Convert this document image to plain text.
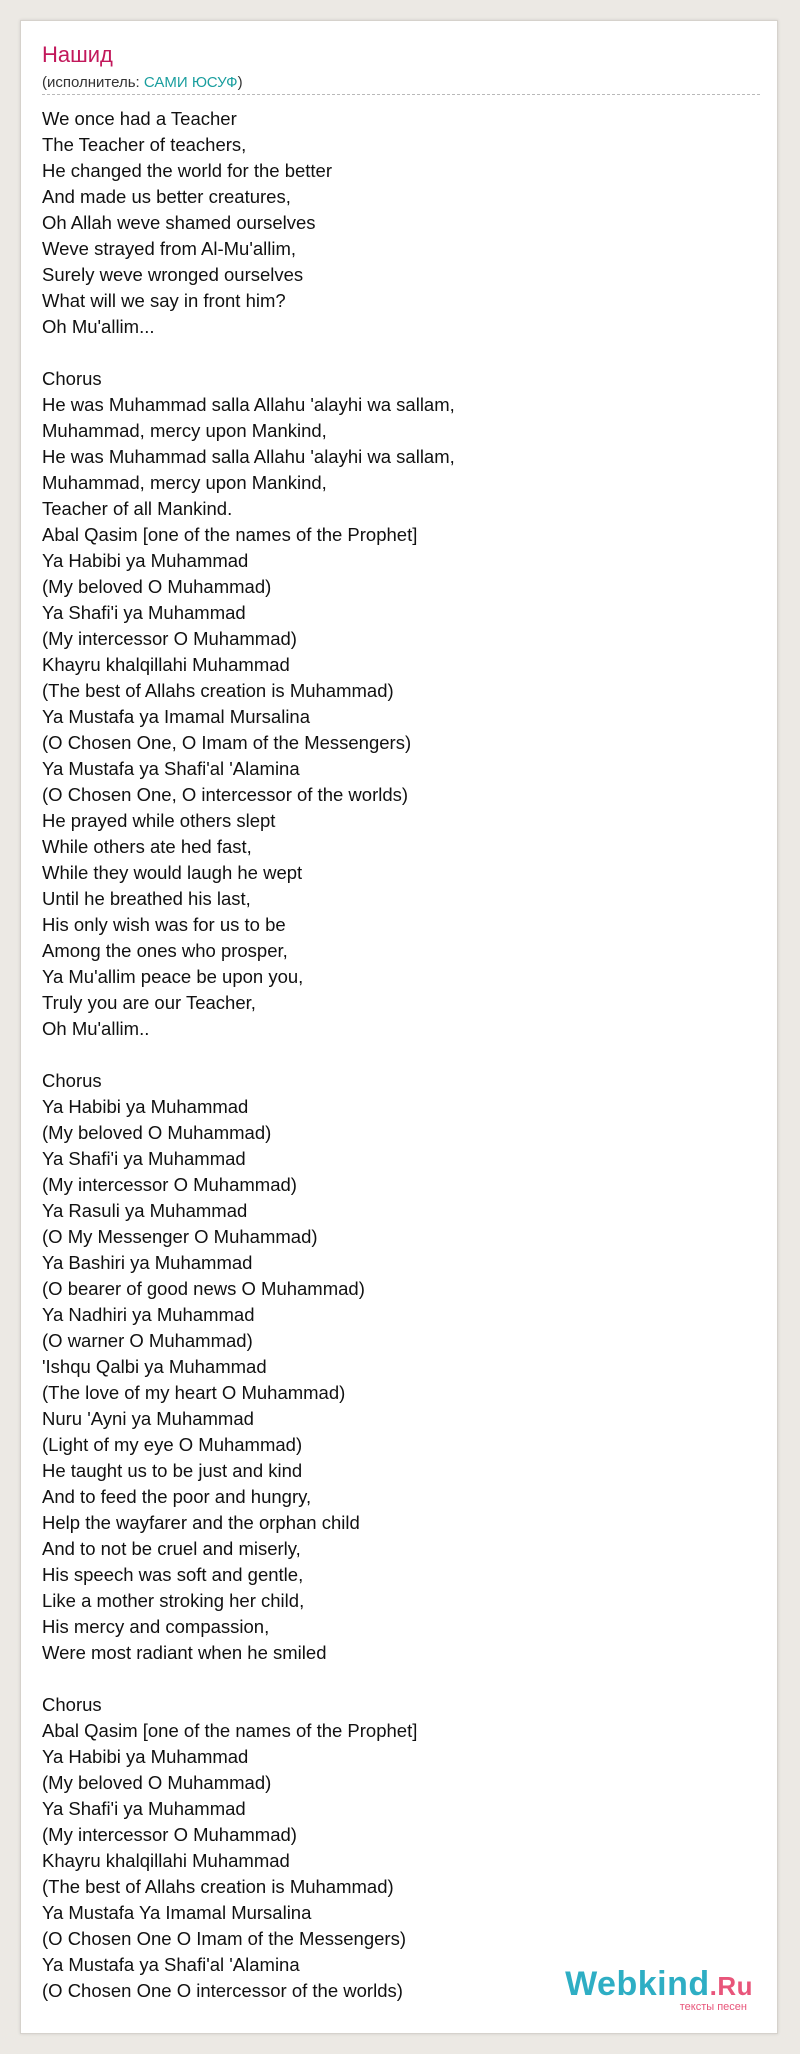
Нашид
(исполнитель: САМИ ЮСУФ)
We once had a Teacher
The Teacher of teachers,
He changed the world for the better
And made us better creatures,
Oh Allah weve shamed ourselves
Weve strayed from Al-Mu'allim,
Surely weve wronged ourselves
What will we say in front him?
Oh Mu'allim...

Chorus
He was Muhammad salla Allahu 'alayhi wa sallam,
Muhammad, mercy upon Mankind,
He was Muhammad salla Allahu 'alayhi wa sallam,
Muhammad, mercy upon Mankind,
Teacher of all Mankind.
Abal Qasim [one of the names of the Prophet]
Ya Habibi ya Muhammad
(My beloved O Muhammad)
Ya Shafi'i ya Muhammad
(My intercessor O Muhammad)
Khayru khalqillahi Muhammad
(The best of Allahs creation is Muhammad)
Ya Mustafa ya Imamal Mursalina
(O Chosen One, O Imam of the Messengers)
Ya Mustafa ya Shafi'al 'Alamina
(O Chosen One, O intercessor of the worlds)
He prayed while others slept
While others ate hed fast,
While they would laugh he wept
Until he breathed his last,
His only wish was for us to be
Among the ones who prosper,
Ya Mu'allim peace be upon you,
Truly you are our Teacher,
Oh Mu'allim..

Chorus
Ya Habibi ya Muhammad
(My beloved O Muhammad)
Ya Shafi'i ya Muhammad
(My intercessor O Muhammad)
Ya Rasuli ya Muhammad
(O My Messenger O Muhammad)
Ya Bashiri ya Muhammad
(O bearer of good news O Muhammad)
Ya Nadhiri ya Muhammad
(O warner O Muhammad)
'Ishqu Qalbi ya Muhammad
(The love of my heart O Muhammad)
Nuru 'Ayni ya Muhammad
(Light of my eye O Muhammad)
He taught us to be just and kind
And to feed the poor and hungry,
Help the wayfarer and the orphan child
And to not be cruel and miserly,
His speech was soft and gentle,
Like a mother stroking her child,
His mercy and compassion,
Were most radiant when he smiled

Chorus
Abal Qasim [one of the names of the Prophet]
Ya Habibi ya Muhammad
(My beloved O Muhammad)
Ya Shafi'i ya Muhammad
(My intercessor O Muhammad)
Khayru khalqillahi Muhammad
(The best of Allahs creation is Muhammad)
Ya Mustafa Ya Imamal Mursalina
(O Chosen One O Imam of the Messengers)
Ya Mustafa ya Shafi'al 'Alamina
(O Chosen One O intercessor of the worlds)	Webkind.Ru
тексты песен
